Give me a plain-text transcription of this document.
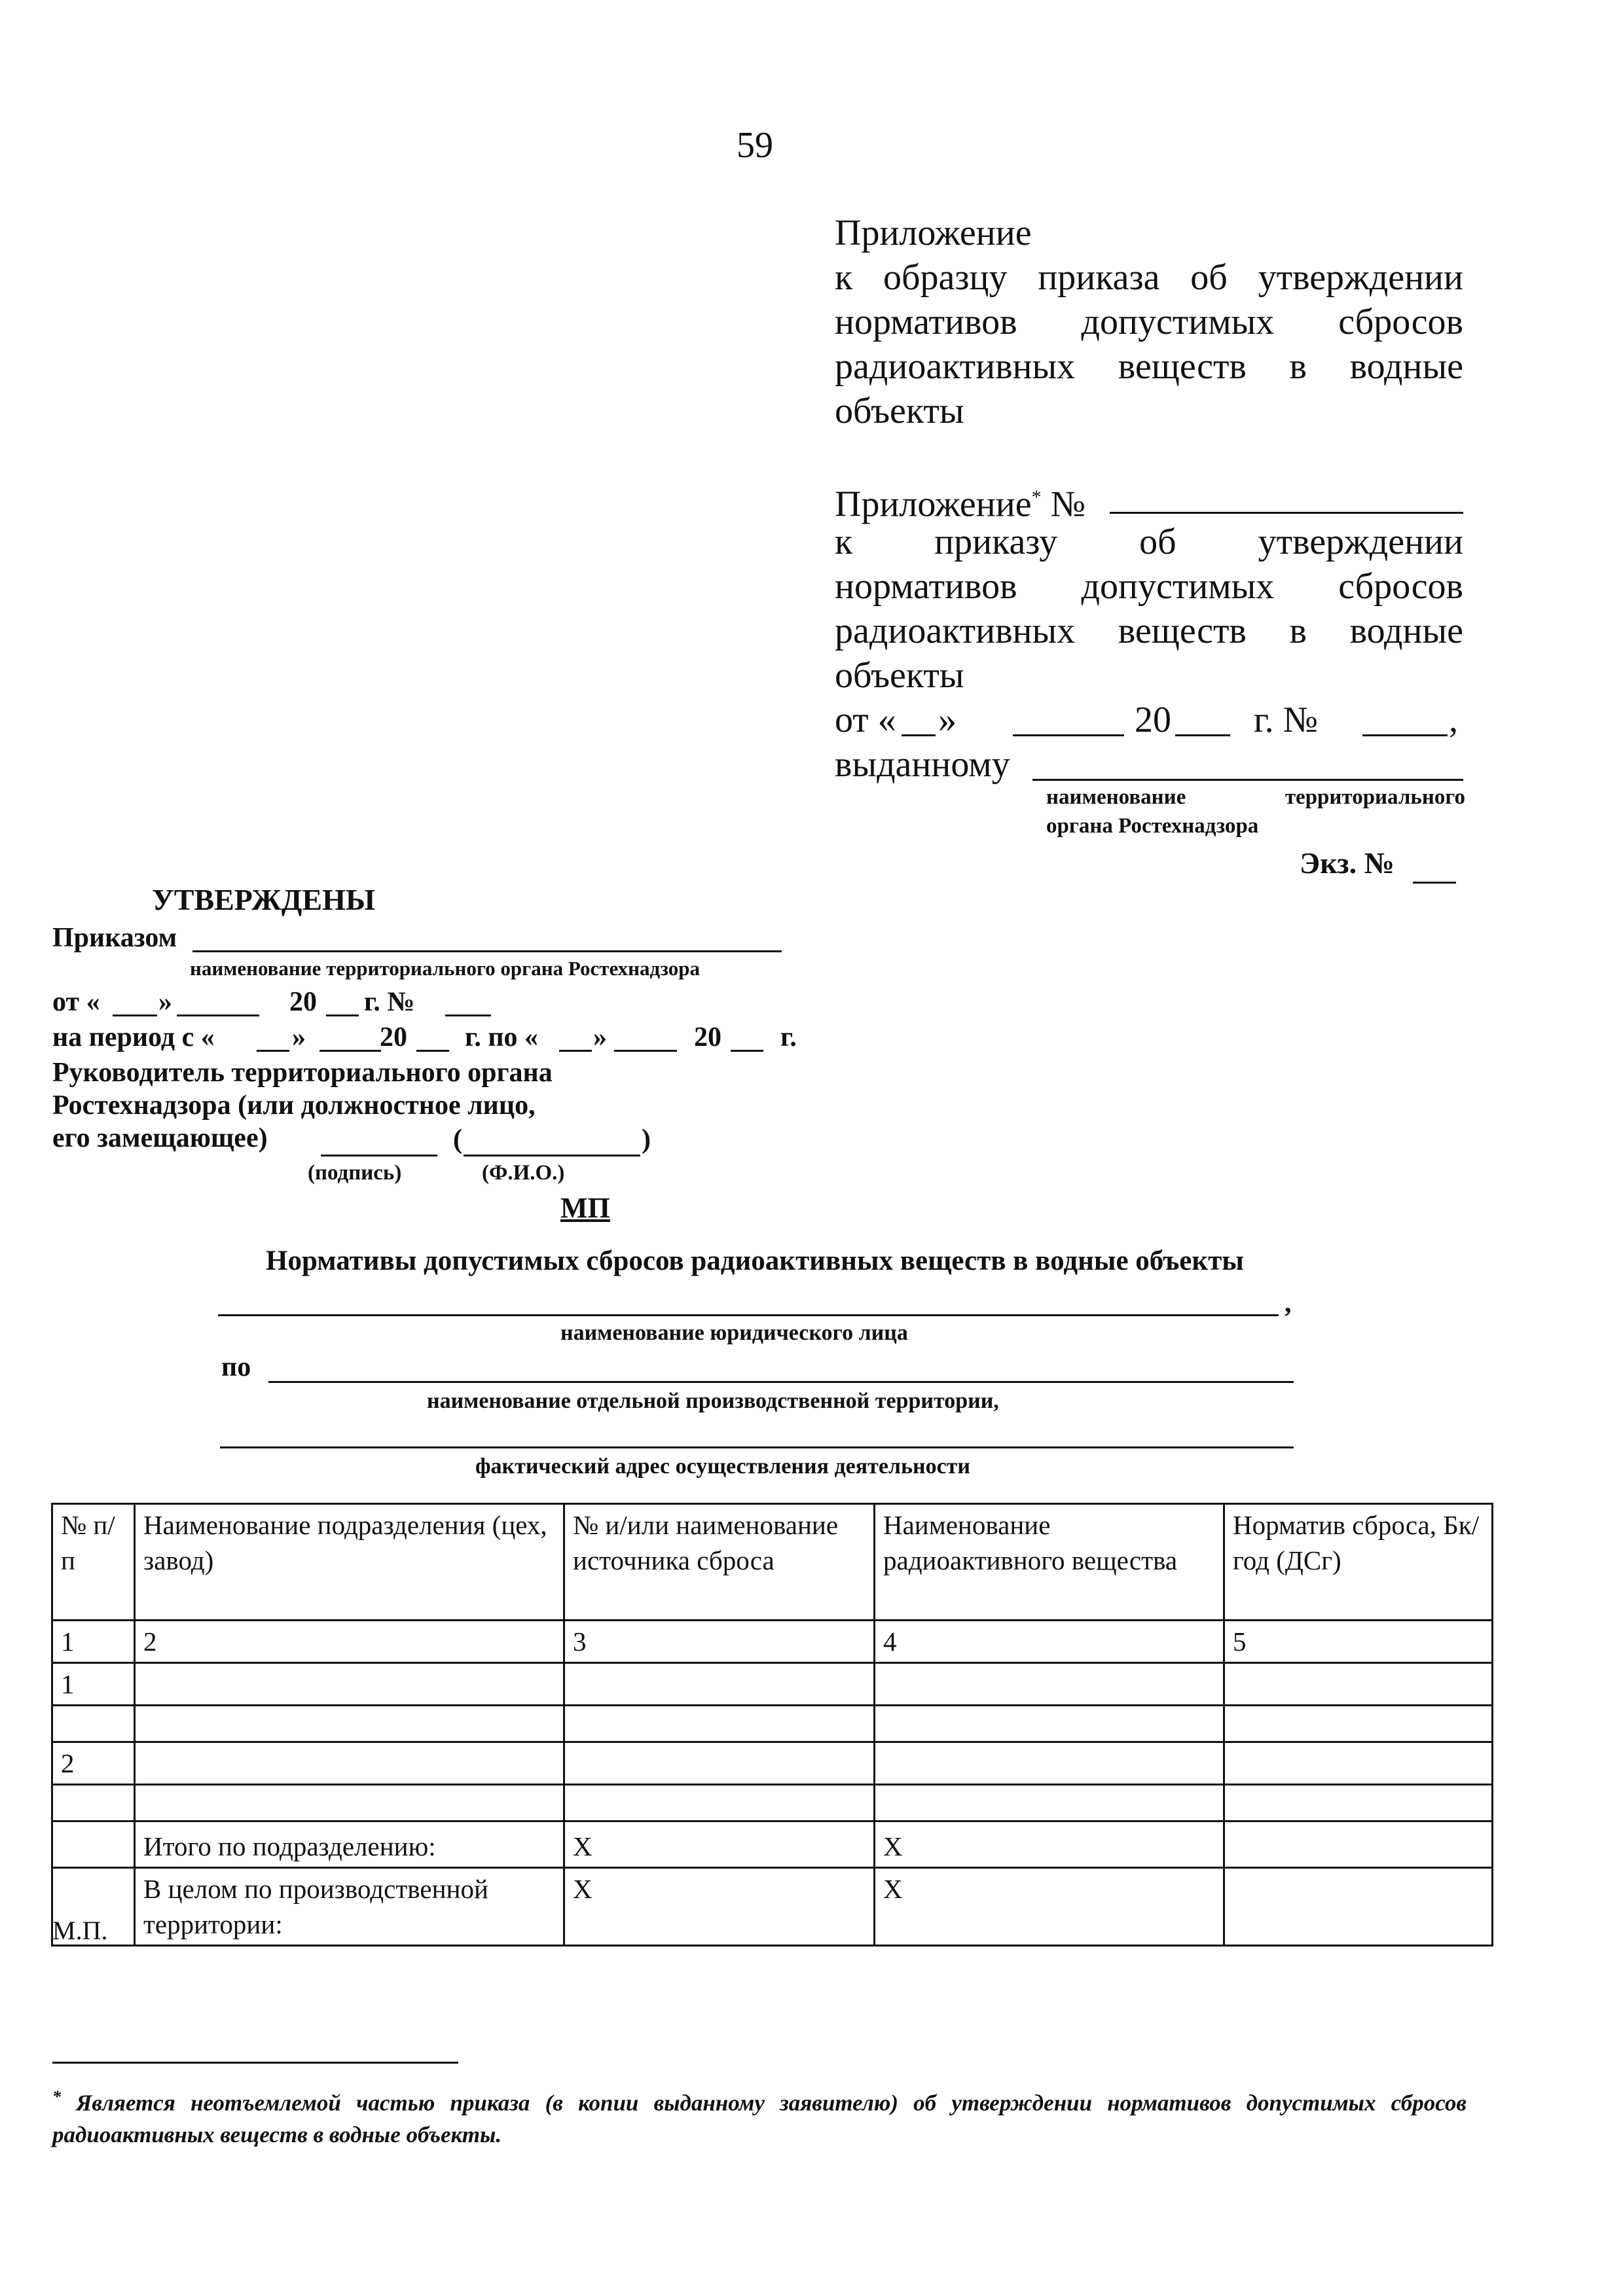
59
Приложение
к образцу приказа об утверждении
нормативов допустимых сбросов
радиоактивных веществ в водные
объекты
Приложение* №
к приказу об утверждении
нормативов допустимых сбросов
радиоактивных веществ в водные
объекты
от « »	20 г. №	,
выданному
наименование территориального
органа Ростехнадзора
Экз. №
УТВЕРЖДЕНЫ
Приказом
наименование территориального органа Ростехнадзора
от « »	20 г. №
на период с «	»	20 г. по « »	20 г.
Руководитель территориального органа
Ростехнадзора (или должностное лицо,
его замещающее)	(	)
(подпись)	(Ф.И.О.)
МП
Нормативы допустимых сбросов радиоактивных веществ в водные объекты
,
наименование юридического лица
по
наименование отдельной производственной территории,
фактический адрес осуществления деятельности
№ п/п	Наименование подразделения (цех, завод)	№ и/или наименование источника сброса	Наименование радиоактивного вещества	Норматив сброса, Бк/год (ДСг)
1	2	3	4	5
1				

2				

	Итого по подразделению:	X	X	
	В целом по производственной территории:	X	X	
М.П.
* Является неотъемлемой частью приказа (в копии выданному заявителю) об утверждении нормативов допустимых сбросов радиоактивных веществ в водные объекты.
